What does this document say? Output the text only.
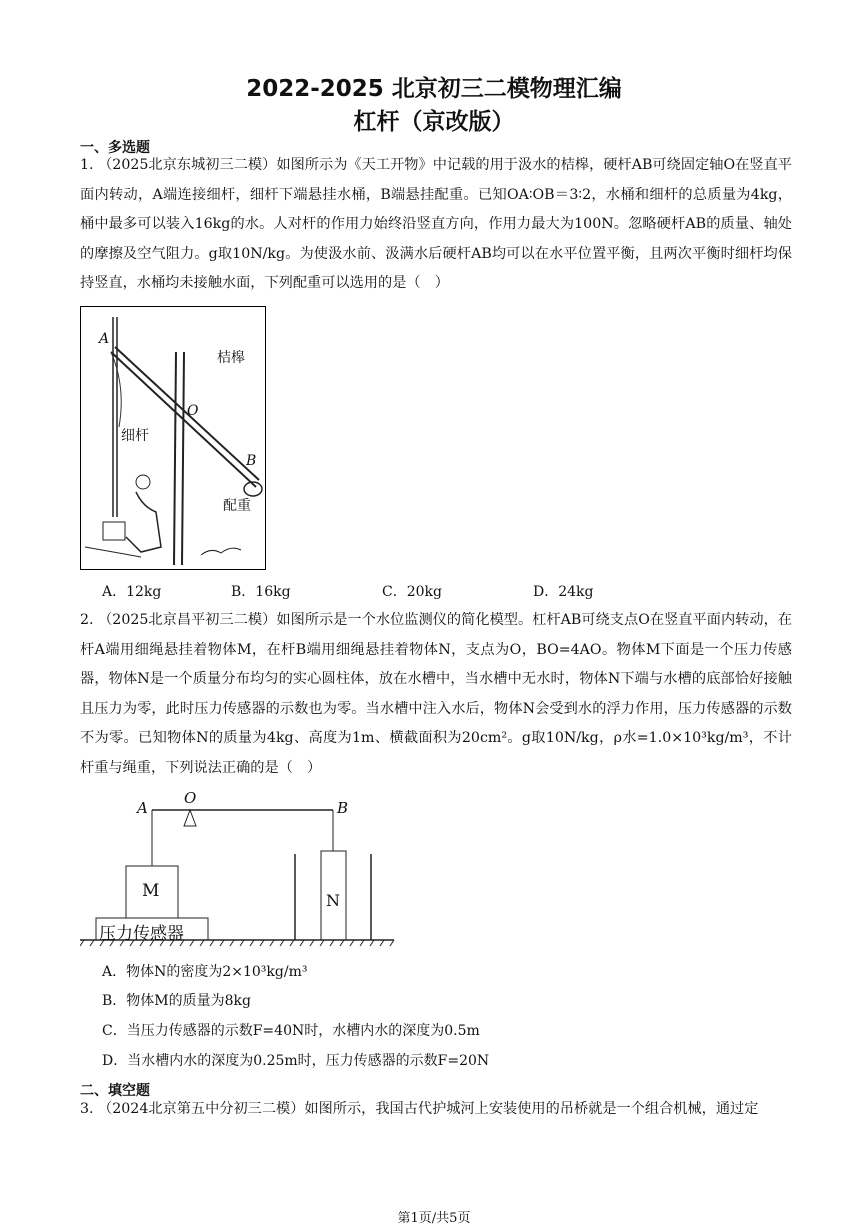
2022-2025 北京初三二模物理汇编
杠杆（京改版）
一、多选题
1. （2025北京东城初三二模）如图所示为《天工开物》中记载的用于汲水的桔槔，硬杆AB可绕固定轴O在竖直平面内转动，A端连接细杆，细杆下端悬挂水桶，B端悬挂配重。已知OA∶OB＝3∶2，水桶和细杆的总质量为4kg，桶中最多可以装入16kg的水。人对杆的作用力始终沿竖直方向，作用力最大为100N。忽略硬杆AB的质量、轴处的摩擦及空气阻力。g取10N/kg。为使汲水前、汲满水后硬杆AB均可以在水平位置平衡，且两次平衡时细杆均保持竖直，水桶均未接触水面，下列配重可以选用的是（　）
A
O
B
桔槔
细杆
配重
A．12kg	B．16kg	C．20kg	D．24kg
2. （2025北京昌平初三二模）如图所示是一个水位监测仪的简化模型。杠杆AB可绕支点O在竖直平面内转动，在杆A端用细绳悬挂着物体M，在杆B端用细绳悬挂着物体N，支点为O，BO=4AO。物体M下面是一个压力传感器，物体N是一个质量分布均匀的实心圆柱体，放在水槽中，当水槽中无水时，物体N下端与水槽的底部恰好接触且压力为零，此时压力传感器的示数也为零。当水槽中注入水后，物体N会受到水的浮力作用，压力传感器的示数不为零。已知物体N的质量为4kg、高度为1m、横截面积为20cm²。g取10N/kg，ρ水=1.0×10³kg/m³，不计杆重与绳重，下列说法正确的是（　）
A
O
B
M	N
压力传感器
A．物体N的密度为2×10³kg/m³
B．物体M的质量为8kg
C．当压力传感器的示数F=40N时，水槽内水的深度为0.5m
D．当水槽内水的深度为0.25m时，压力传感器的示数F=20N
二、填空题
3. （2024北京第五中分初三二模）如图所示，我国古代护城河上安装使用的吊桥就是一个组合机械，通过定
第1页/共5页
